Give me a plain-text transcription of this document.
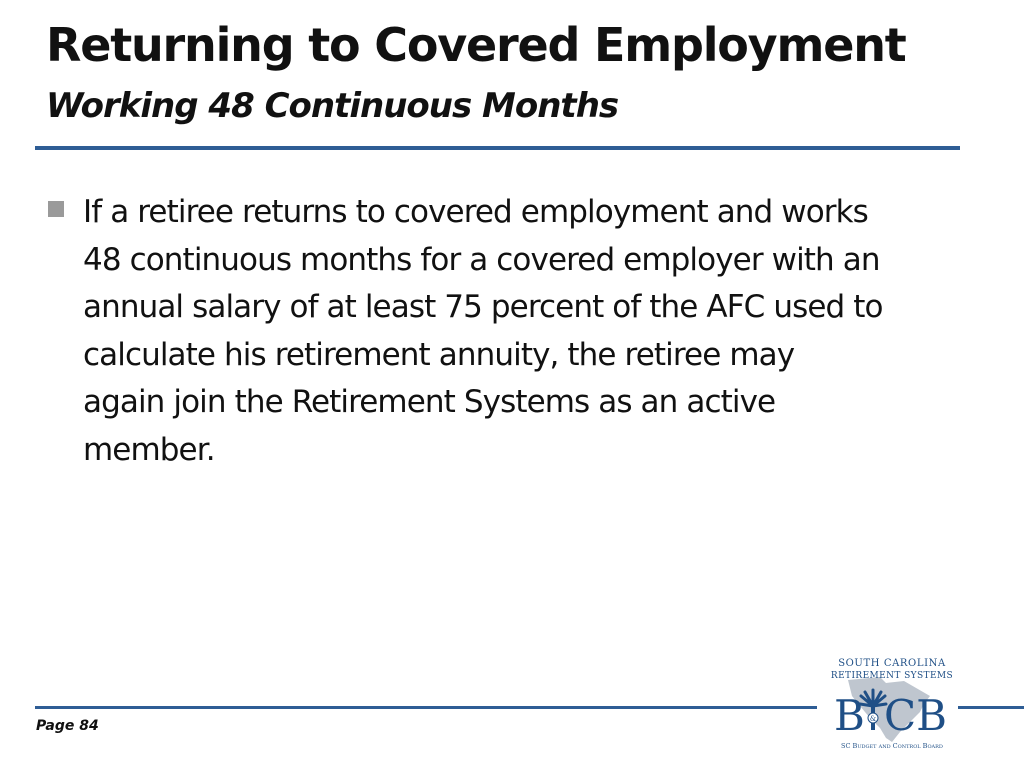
Returning to Covered Employment
Working 48 Continuous Months
If a retiree returns to covered employment and works
48 continuous months for a covered employer with an
annual salary of at least 75 percent of the AFC used to
calculate his retirement annuity, the retiree may
again join the Retirement Systems as an active
member.
Page 84
SOUTH CAROLINA
RETIREMENT SYSTEMS
B & CB
SC Budget and Control Board
